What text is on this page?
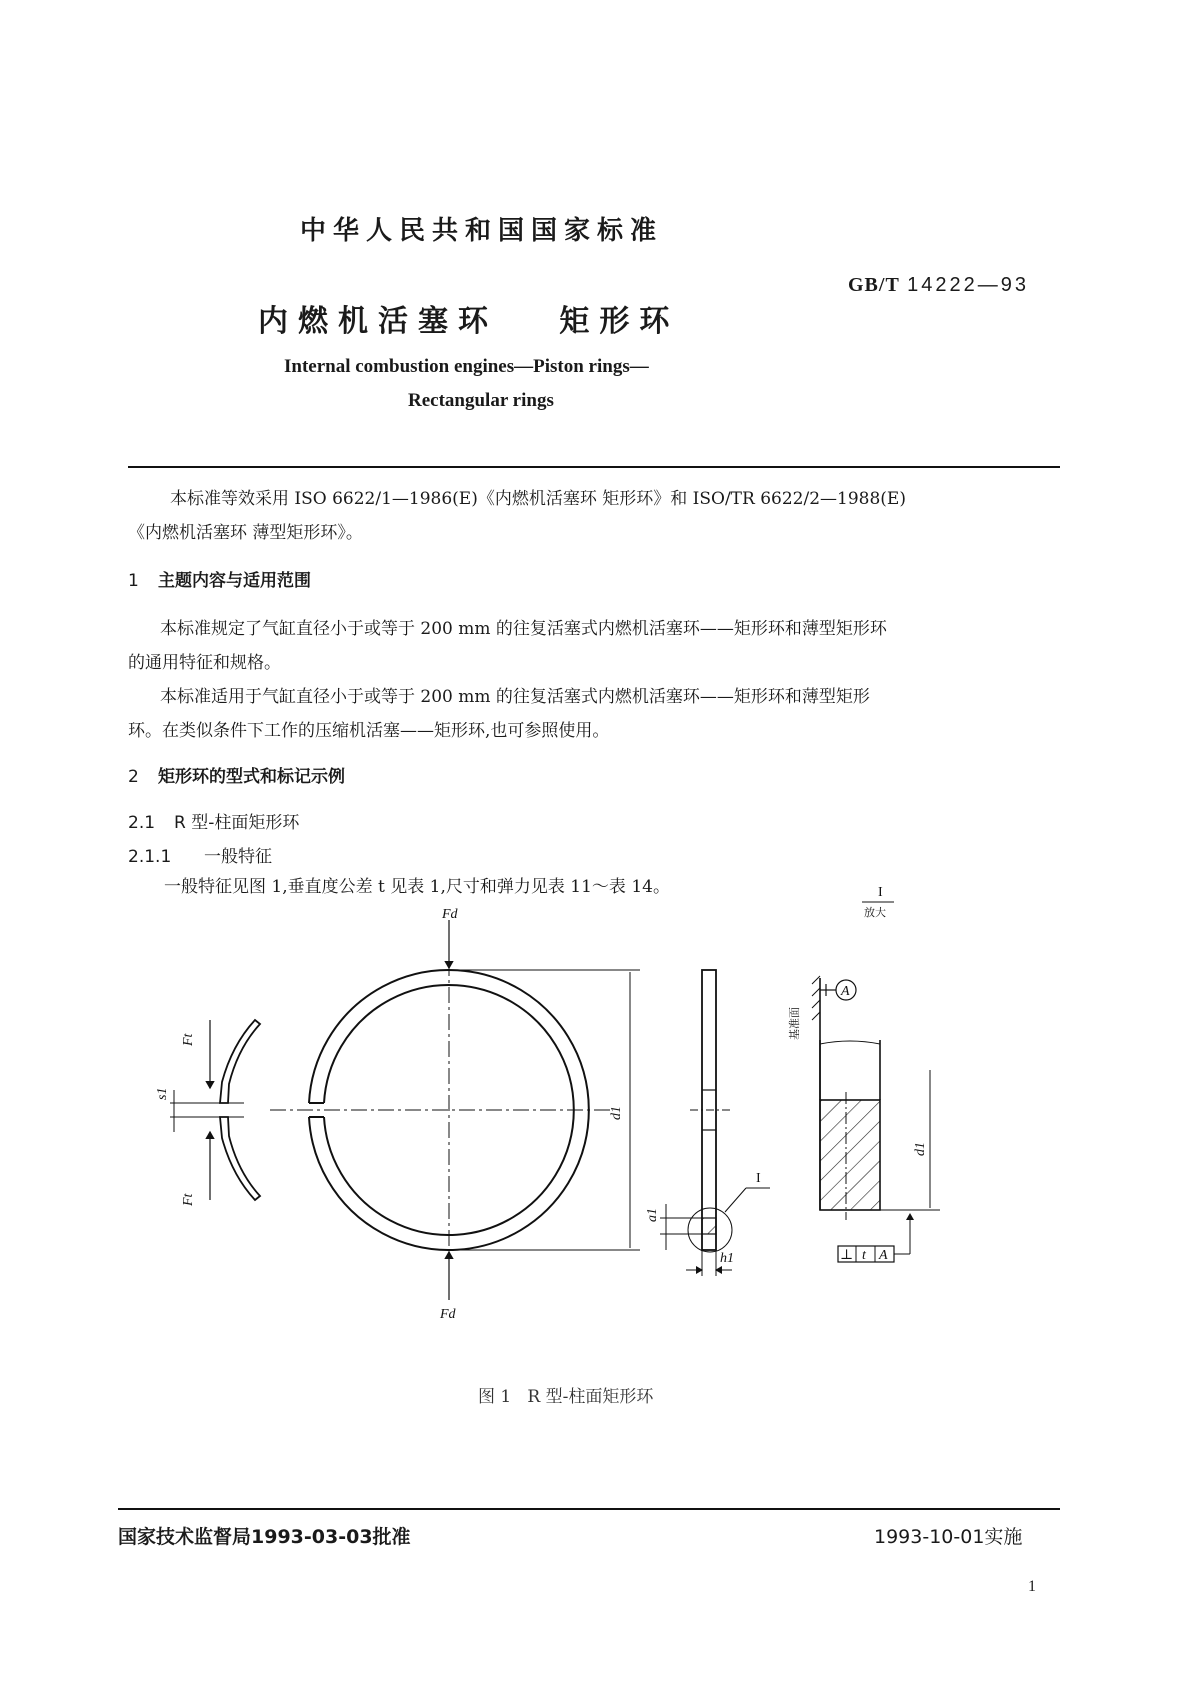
中华人民共和国国家标准
GB/T 14222—93
内燃机活塞环   矩形环
Internal combustion engines—Piston rings—
Rectangular rings
本标准等效采用 ISO 6622/1—1986(E)《内燃机活塞环 矩形环》和 ISO/TR 6622/2—1988(E)
《内燃机活塞环 薄型矩形环》。
1 主题内容与适用范围
本标准规定了气缸直径小于或等于 200 mm 的往复活塞式内燃机活塞环——矩形环和薄型矩形环
的通用特征和规格。
本标准适用于气缸直径小于或等于 200 mm 的往复活塞式内燃机活塞环——矩形环和薄型矩形
环。在类似条件下工作的压缩机活塞——矩形环,也可参照使用。
2 矩形环的型式和标记示例
2.1 R 型-柱面矩形环
2.1.1 一般特征
一般特征见图 1,垂直度公差 t 见表 1,尺寸和弹力见表 11～表 14。
Ft
Ft
s1
Fd
Fd
d1
I
a1
h1
I
放大
基准面
A
d1
⊥ t A
图 1   R 型-柱面矩形环
国家技术监督局1993-03-03批准	1993-10-01实施
1
